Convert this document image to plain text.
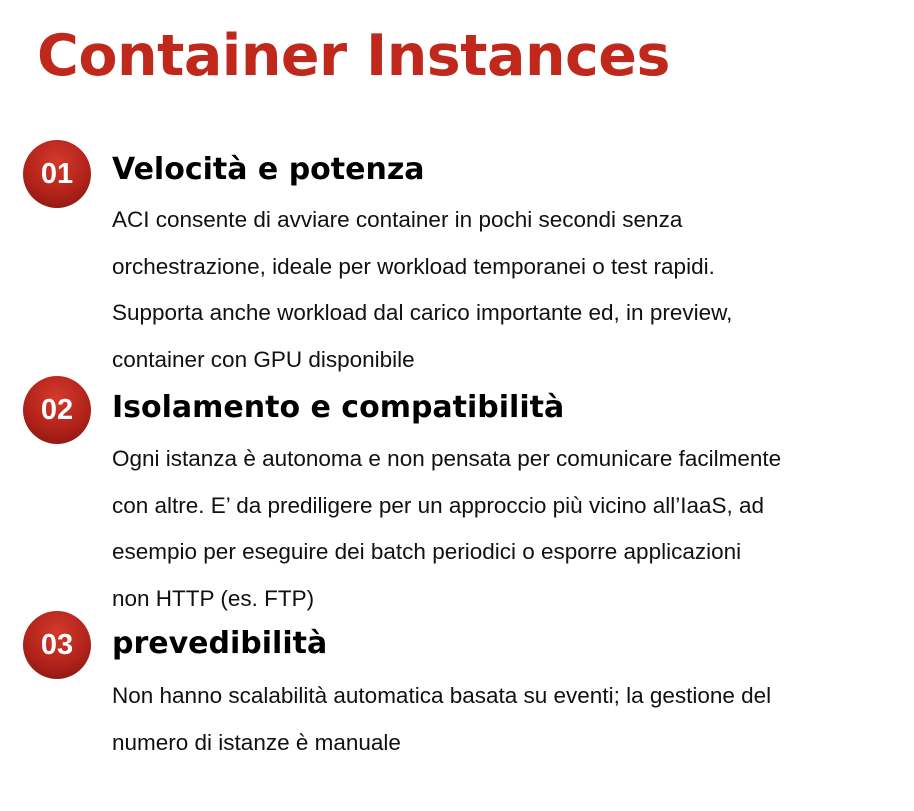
Container Instances
01	Velocità e potenza

ACI consente di avviare container in pochi secondi senza
orchestrazione, ideale per workload temporanei o test rapidi.
Supporta anche workload dal carico importante ed, in preview,
container con GPU disponibile

02	Isolamento e compatibilità

Ogni istanza è autonoma e non pensata per comunicare facilmente
con altre. E’ da prediligere per un approccio più vicino all’IaaS, ad
esempio per eseguire dei batch periodici o esporre applicazioni
non HTTP (es. FTP)

03	prevedibilità

Non hanno scalabilità automatica basata su eventi; la gestione del
numero di istanze è manuale
